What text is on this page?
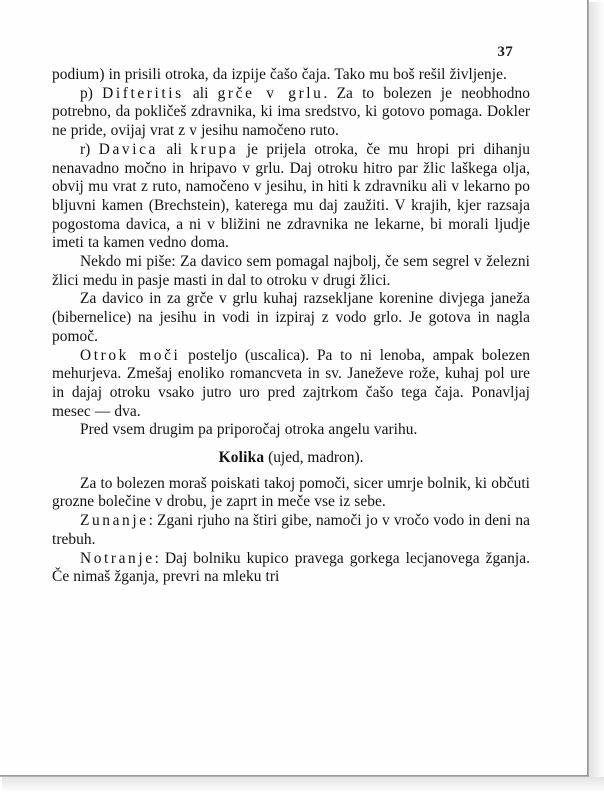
37

podium) in prisili otroka, da izpije čašo čaja. Tako mu boš rešil življenje.

p) Difteritis ali grče v grlu. Za to bolezen je neobhodno potrebno, da pokličeš zdravnika, ki ima sredstvo, ki gotovo pomaga. Dokler ne pride, ovijaj vrat z v jesihu namočeno ruto.

r) Davica ali krupa je prijela otroka, če mu hropi pri dihanju nenavadno močno in hripavo v grlu. Daj otroku hitro par žlic laškega olja, obvij mu vrat z ruto, namočeno v jesihu, in hiti k zdravniku ali v lekarno po bljuvni kamen (Brechstein), katerega mu daj zaužiti. V krajih, kjer razsaja pogostoma davica, a ni v bližini ne zdravnika ne lekarne, bi morali ljudje imeti ta kamen vedno doma.

Nekdo mi piše: Za davico sem pomagal najbolj, če sem segrel v železni žlici medu in pasje masti in dal to otroku v drugi žlici.

Za davico in za grče v grlu kuhaj razsekljane korenine divjega janeža (bibernelice) na jesihu in vodi in izpiraj z vodo grlo. Je gotova in nagla pomoč.

Otrok moči posteljo (uscalica). Pa to ni lenoba, ampak bolezen mehurjeva. Zmešaj enoliko romancveta in sv. Janeževe rože, kuhaj pol ure in dajaj otroku vsako jutro uro pred zajtrkom čašo tega čaja. Ponavljaj mesec — dva.

Pred vsem drugim pa priporočaj otroka angelu varihu.

Kolika (ujed, madron).

Za to bolezen moraš poiskati takoj pomoči, sicer umrje bolnik, ki občuti grozne bolečine v drobu, je zaprt in meče vse iz sebe.

Zunanje: Zgani rjuho na štiri gibe, namoči jo v vročo vodo in deni na trebuh.

Notranje: Daj bolniku kupico pravega gorkega lecjanovega žganja. Če nimaš žganja, prevri na mleku tri
